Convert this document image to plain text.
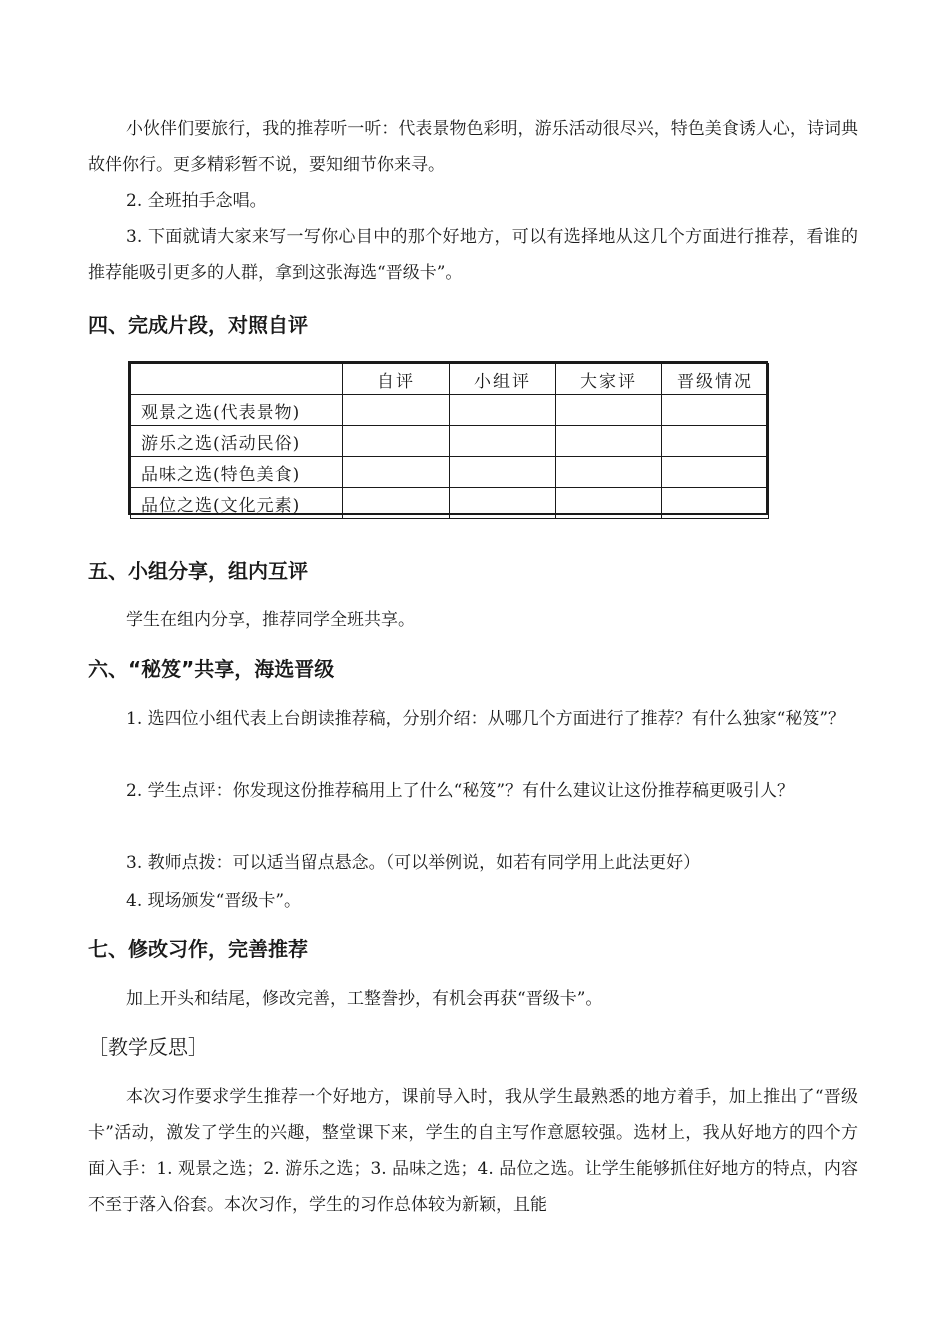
小伙伴们要旅行，我的推荐听一听：代表景物色彩明，游乐活动很尽兴，特色美食诱人心，诗词典故伴你行。更多精彩暂不说，要知细节你来寻。

2. 全班拍手念唱。

3. 下面就请大家来写一写你心目中的那个好地方，可以有选择地从这几个方面进行推荐，看谁的推荐能吸引更多的人群，拿到这张海选“晋级卡”。

四、完成片段，对照自评
	自评	小组评	大家评	晋级情况
观景之选(代表景物)				
游乐之选(活动民俗)				
品味之选(特色美食)				
品位之选(文化元素)				
五、小组分享，组内互评

学生在组内分享，推荐同学全班共享。

六、“秘笈”共享，海选晋级

1. 选四位小组代表上台朗读推荐稿，分别介绍：从哪几个方面进行了推荐？有什么独家“秘笈”？

2. 学生点评：你发现这份推荐稿用上了什么“秘笈”？有什么建议让这份推荐稿更吸引人？

3. 教师点拨：可以适当留点悬念。（可以举例说，如若有同学用上此法更好）

4. 现场颁发“晋级卡”。

七、修改习作，完善推荐

加上开头和结尾，修改完善，工整誊抄，有机会再获“晋级卡”。

［教学反思］

本次习作要求学生推荐一个好地方，课前导入时，我从学生最熟悉的地方着手，加上推出了“晋级卡”活动，激发了学生的兴趣，整堂课下来，学生的自主写作意愿较强。选材上，我从好地方的四个方面入手：1. 观景之选；2. 游乐之选；3. 品味之选；4. 品位之选。让学生能够抓住好地方的特点，内容不至于落入俗套。本次习作，学生的习作总体较为新颖，且能
